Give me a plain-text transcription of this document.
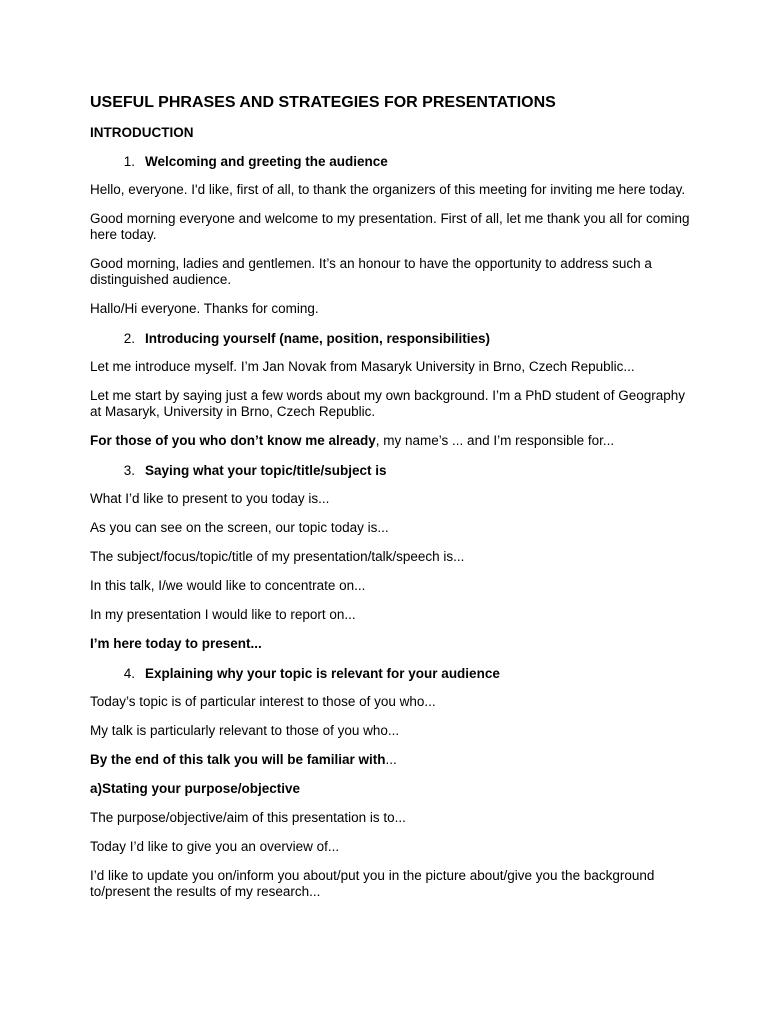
USEFUL PHRASES AND STRATEGIES FOR PRESENTATIONS
INTRODUCTION
1. Welcoming and greeting the audience

Hello, everyone. I'd like, first of all, to thank the organizers of this meeting for inviting me here today.

Good morning everyone and welcome to my presentation. First of all, let me thank you all for coming here today.

Good morning, ladies and gentlemen. It’s an honour to have the opportunity to address such a distinguished audience.

Hallo/Hi everyone. Thanks for coming.

2. Introducing yourself (name, position, responsibilities)

Let me introduce myself. I’m Jan Novak from Masaryk University in Brno, Czech Republic...

Let me start by saying just a few words about my own background. I’m a PhD student of Geography at Masaryk, University in Brno, Czech Republic.

For those of you who don’t know me already, my name’s ... and I’m responsible for...

3. Saying what your topic/title/subject is

What I’d like to present to you today is...

As you can see on the screen, our topic today is...

The subject/focus/topic/title of my presentation/talk/speech is...

In this talk, I/we would like to concentrate on...

In my presentation I would like to report on...

I’m here today to present...

4. Explaining why your topic is relevant for your audience

Today’s topic is of particular interest to those of you who...

My talk is particularly relevant to those of you who...

By the end of this talk you will be familiar with...

a)Stating your purpose/objective

The purpose/objective/aim of this presentation is to...

Today I’d like to give you an overview of...

I’d like to update you on/inform you about/put you in the picture about/give you the background to/present the results of my research...
